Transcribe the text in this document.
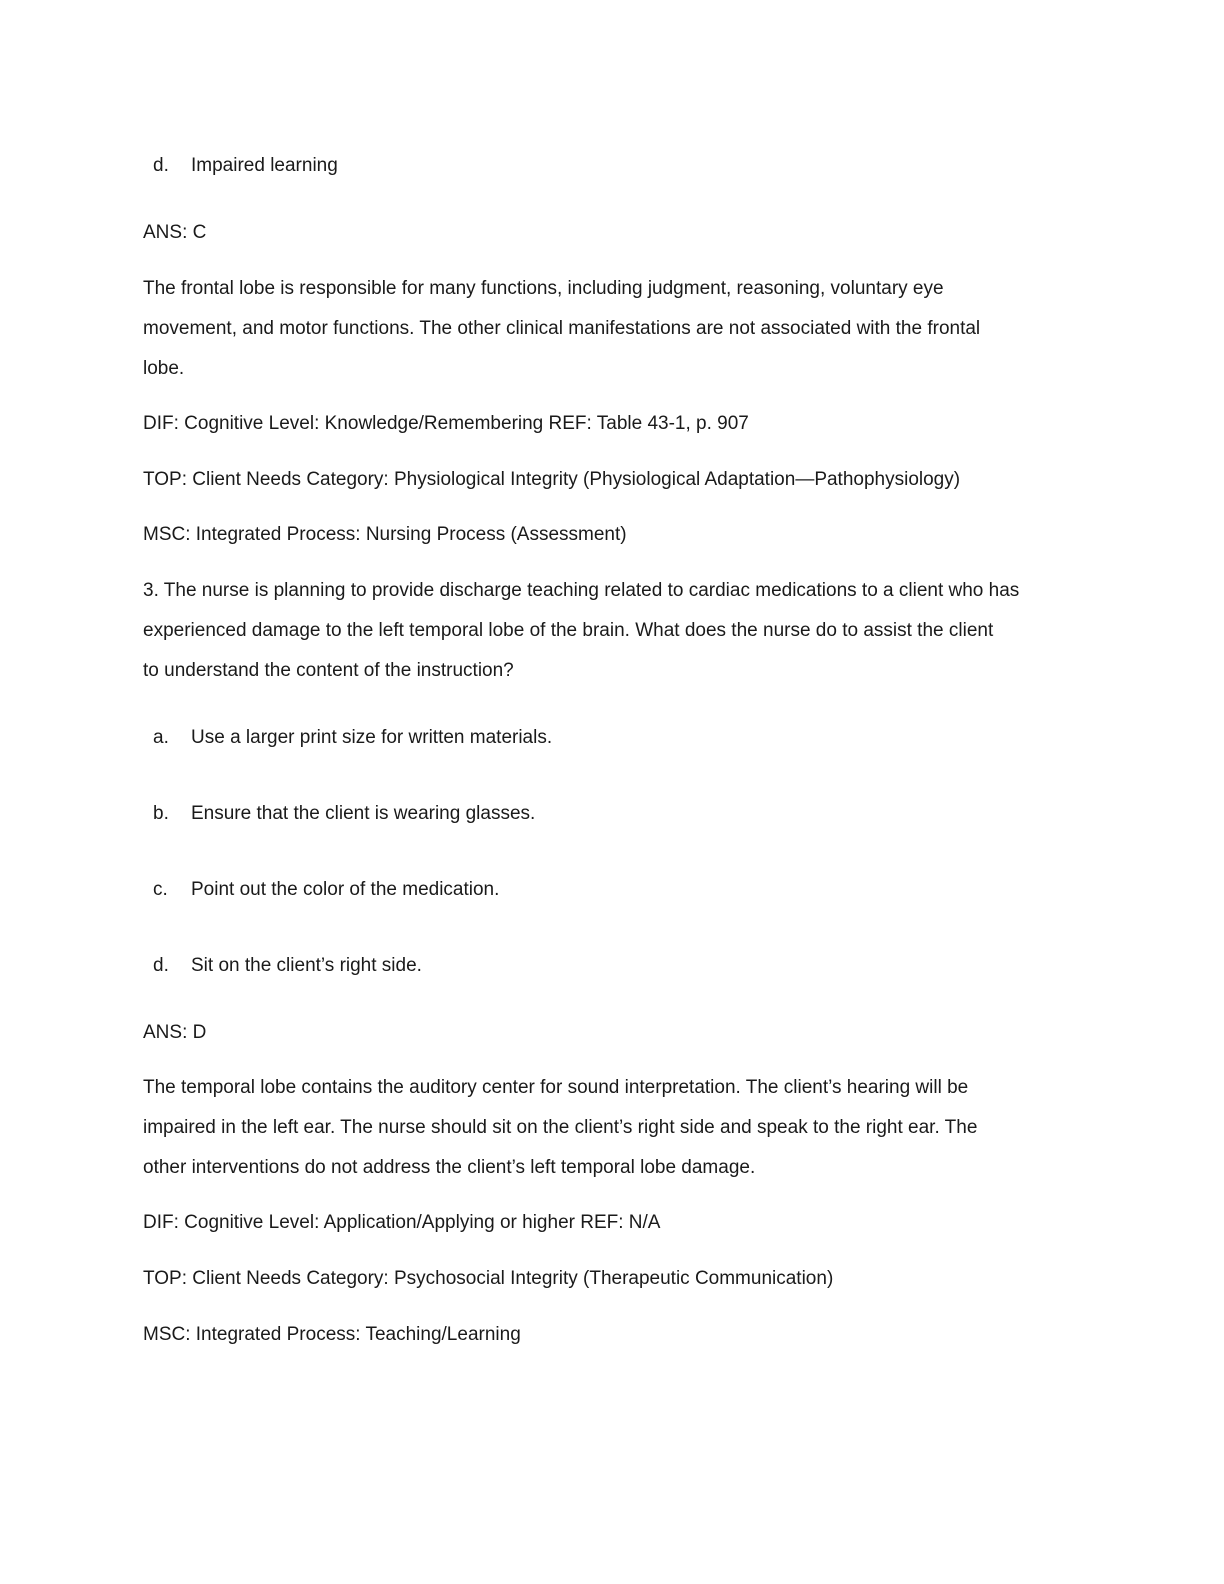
d.	Impaired learning
ANS: C
The frontal lobe is responsible for many functions, including judgment, reasoning, voluntary eye
movement, and motor functions. The other clinical manifestations are not associated with the frontal
lobe.
DIF: Cognitive Level: Knowledge/Remembering REF: Table 43-1, p. 907
TOP: Client Needs Category: Physiological Integrity (Physiological Adaptation—Pathophysiology)
MSC: Integrated Process: Nursing Process (Assessment)
3. The nurse is planning to provide discharge teaching related to cardiac medications to a client who has
experienced damage to the left temporal lobe of the brain. What does the nurse do to assist the client
to understand the content of the instruction?
a.	Use a larger print size for written materials.
b.	Ensure that the client is wearing glasses.
c.	Point out the color of the medication.
d.	Sit on the client’s right side.
ANS: D
The temporal lobe contains the auditory center for sound interpretation. The client’s hearing will be
impaired in the left ear. The nurse should sit on the client’s right side and speak to the right ear. The
other interventions do not address the client’s left temporal lobe damage.
DIF: Cognitive Level: Application/Applying or higher REF: N/A
TOP: Client Needs Category: Psychosocial Integrity (Therapeutic Communication)
MSC: Integrated Process: Teaching/Learning
